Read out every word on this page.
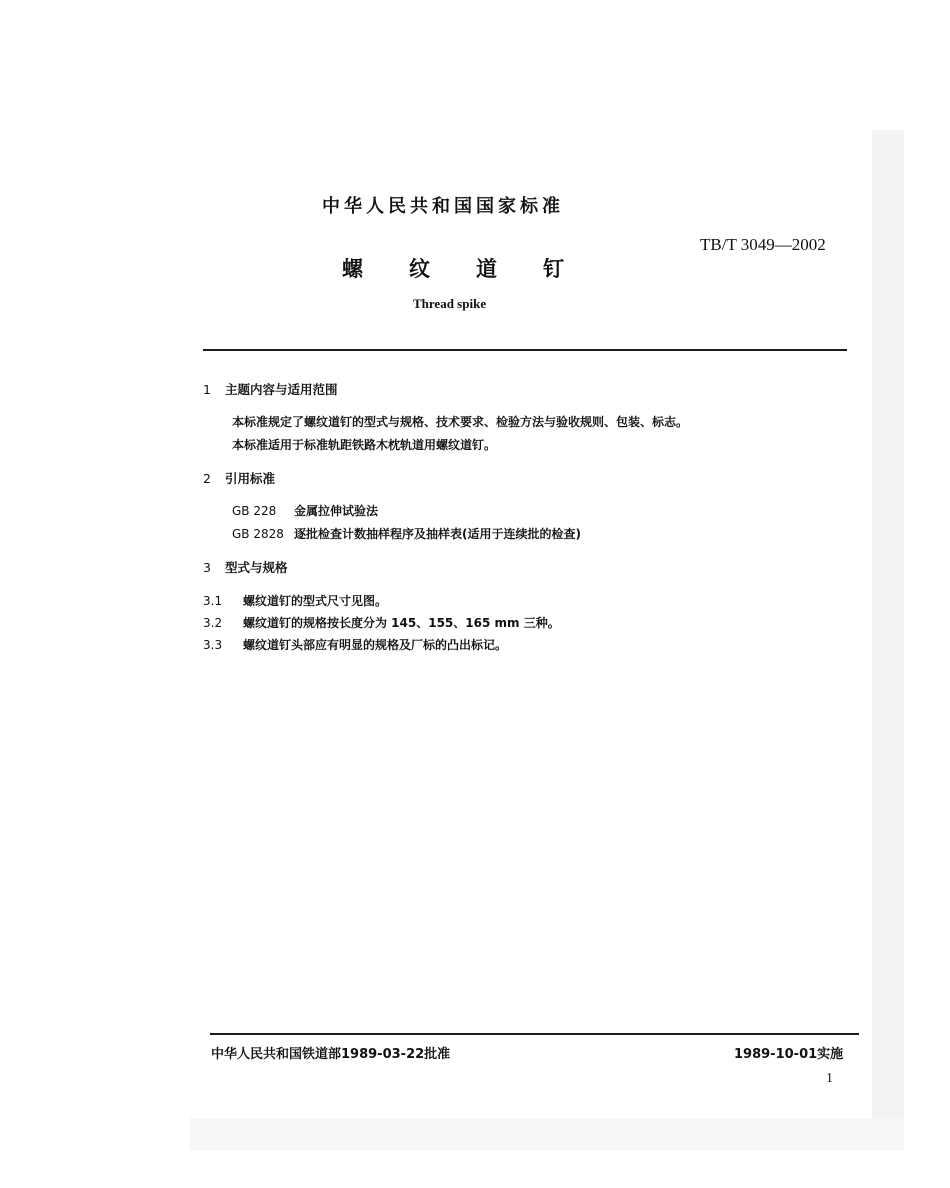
中华人民共和国国家标准
TB/T 3049—2002
螺纹道钉
Thread spike
1 主题内容与适用范围
本标准规定了螺纹道钉的型式与规格、技术要求、检验方法与验收规则、包装、标志。
本标准适用于标准轨距铁路木枕轨道用螺纹道钉。
2 引用标准
GB 228 金属拉伸试验法
GB 2828 逐批检查计数抽样程序及抽样表(适用于连续批的检查)
3 型式与规格
3.1 螺纹道钉的型式尺寸见图。
3.2 螺纹道钉的规格按长度分为 145、155、165 mm 三种。
3.3 螺纹道钉头部应有明显的规格及厂标的凸出标记。
中华人民共和国铁道部1989-03-22批准	1989-10-01实施
1
